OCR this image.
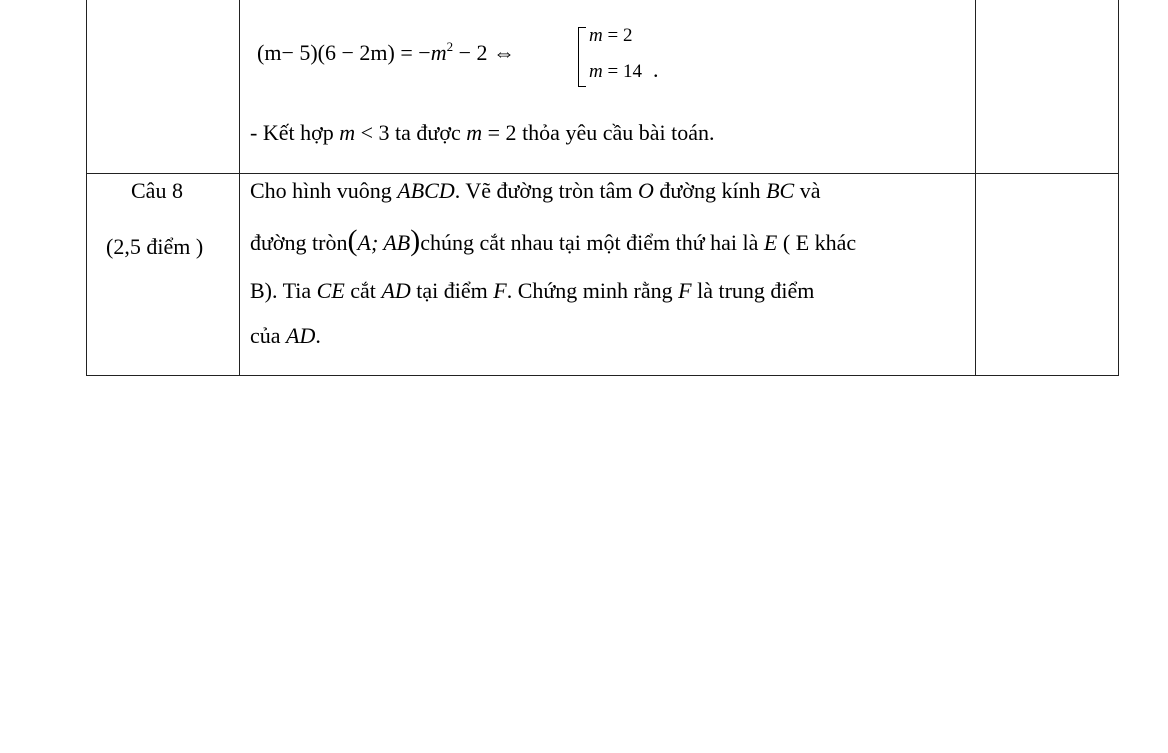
$(m- 5)(6 - 2m) = -m^2 - 2$ ⇔
m = 2
m = 14 .
- Kết hợp m < 3 ta được m = 2 thỏa yêu cầu bài toán.
Câu 8
(2,5 điểm )
Cho hình vuông ABCD. Vẽ đường tròn tâm O đường kính BC và
đường tròn(A; AB)chúng cắt nhau tại một điểm thứ hai là E ( E khác
B). Tia CE cắt AD tại điểm F. Chứng minh rằng F là trung điểm
của AD.
